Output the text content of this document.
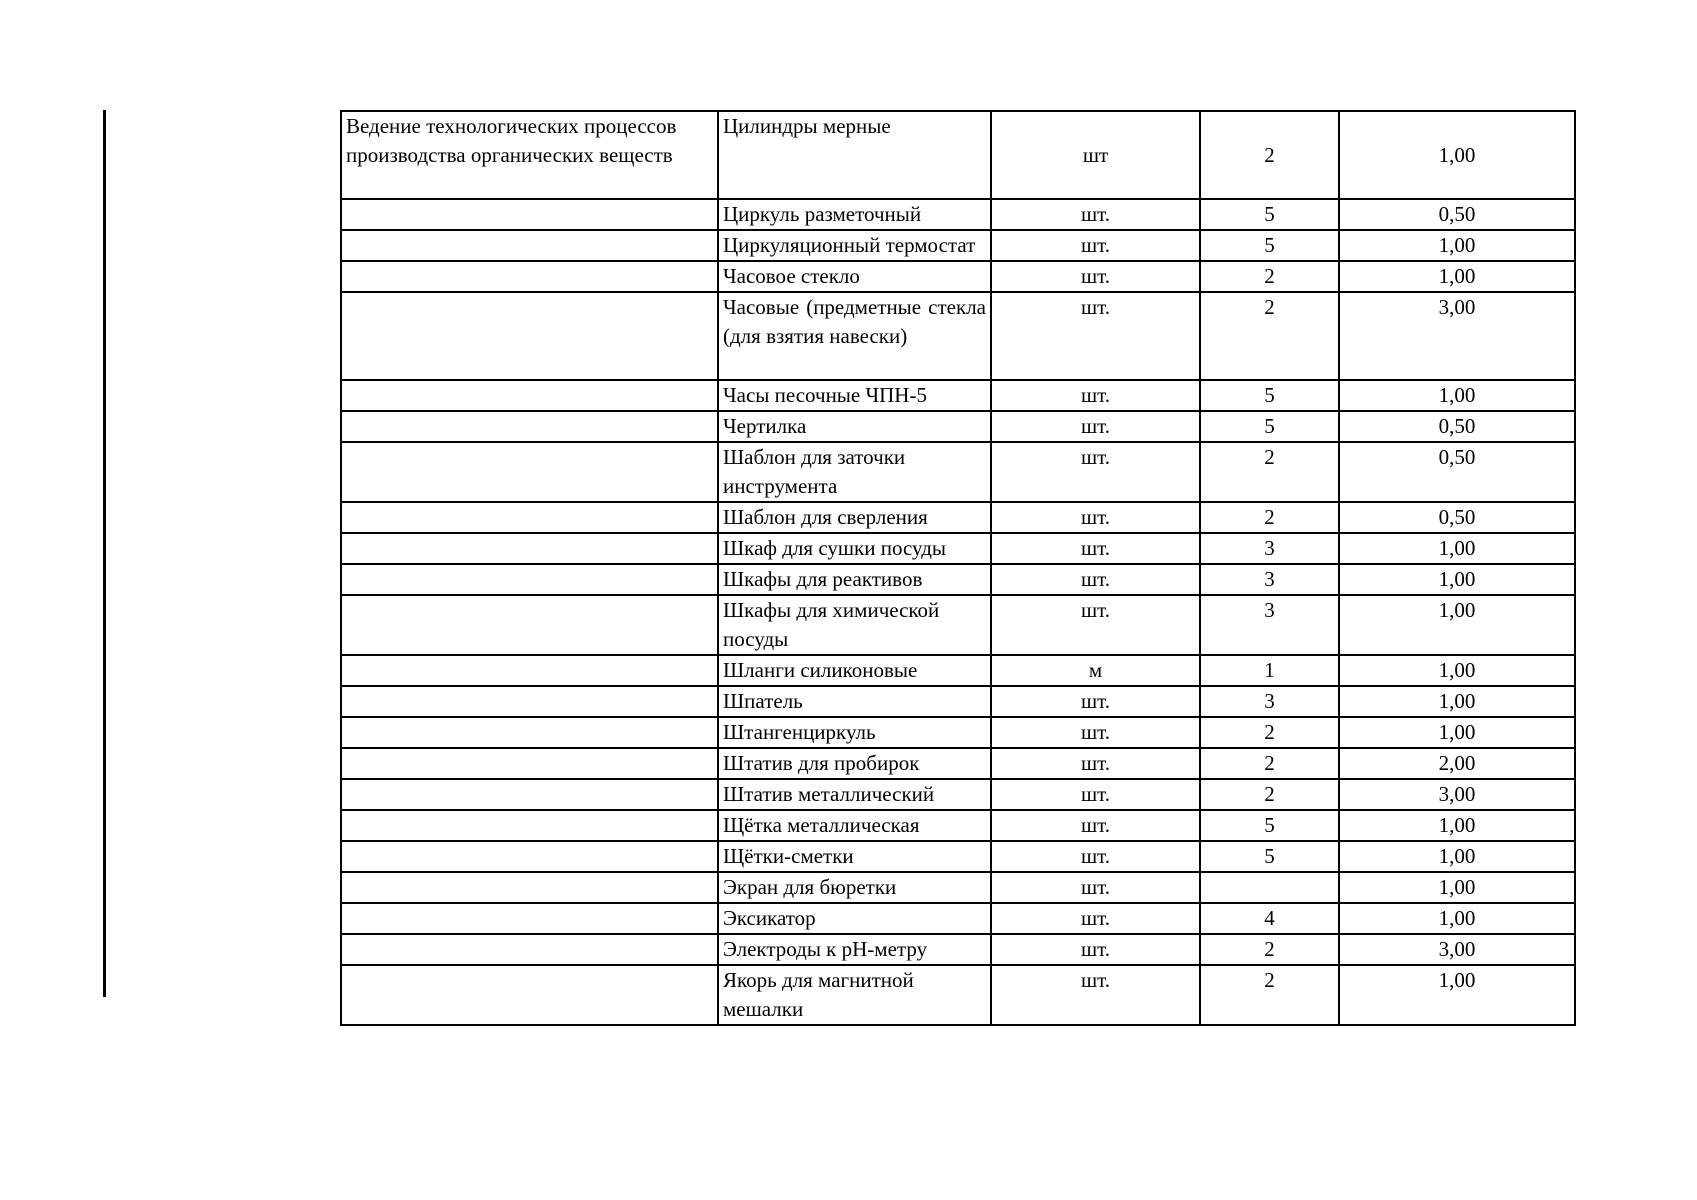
Ведение технологических процессов производства органических веществ	Цилиндры мерные	шт	2	1,00
	Циркуль разметочный	шт.	5	0,50
	Циркуляционный термостат	шт.	5	1,00
	Часовое стекло	шт.	2	1,00
	Часовые (предметные стекла (для взятия навески)	шт.	2	3,00
	Часы песочные ЧПН-5	шт.	5	1,00
	Чертилка	шт.	5	0,50
	Шаблон для заточки инструмента	шт.	2	0,50
	Шаблон для сверления	шт.	2	0,50
	Шкаф для сушки посуды	шт.	3	1,00
	Шкафы для реактивов	шт.	3	1,00
	Шкафы для химической посуды	шт.	3	1,00
	Шланги силиконовые	м	1	1,00
	Шпатель	шт.	3	1,00
	Штангенциркуль	шт.	2	1,00
	Штатив для пробирок	шт.	2	2,00
	Штатив металлический	шт.	2	3,00
	Щётка металлическая	шт.	5	1,00
	Щётки-сметки	шт.	5	1,00
	Экран для бюретки	шт.		1,00
	Эксикатор	шт.	4	1,00
	Электроды к pH-метру	шт.	2	3,00
	Якорь для магнитной мешалки	шт.	2	1,00
